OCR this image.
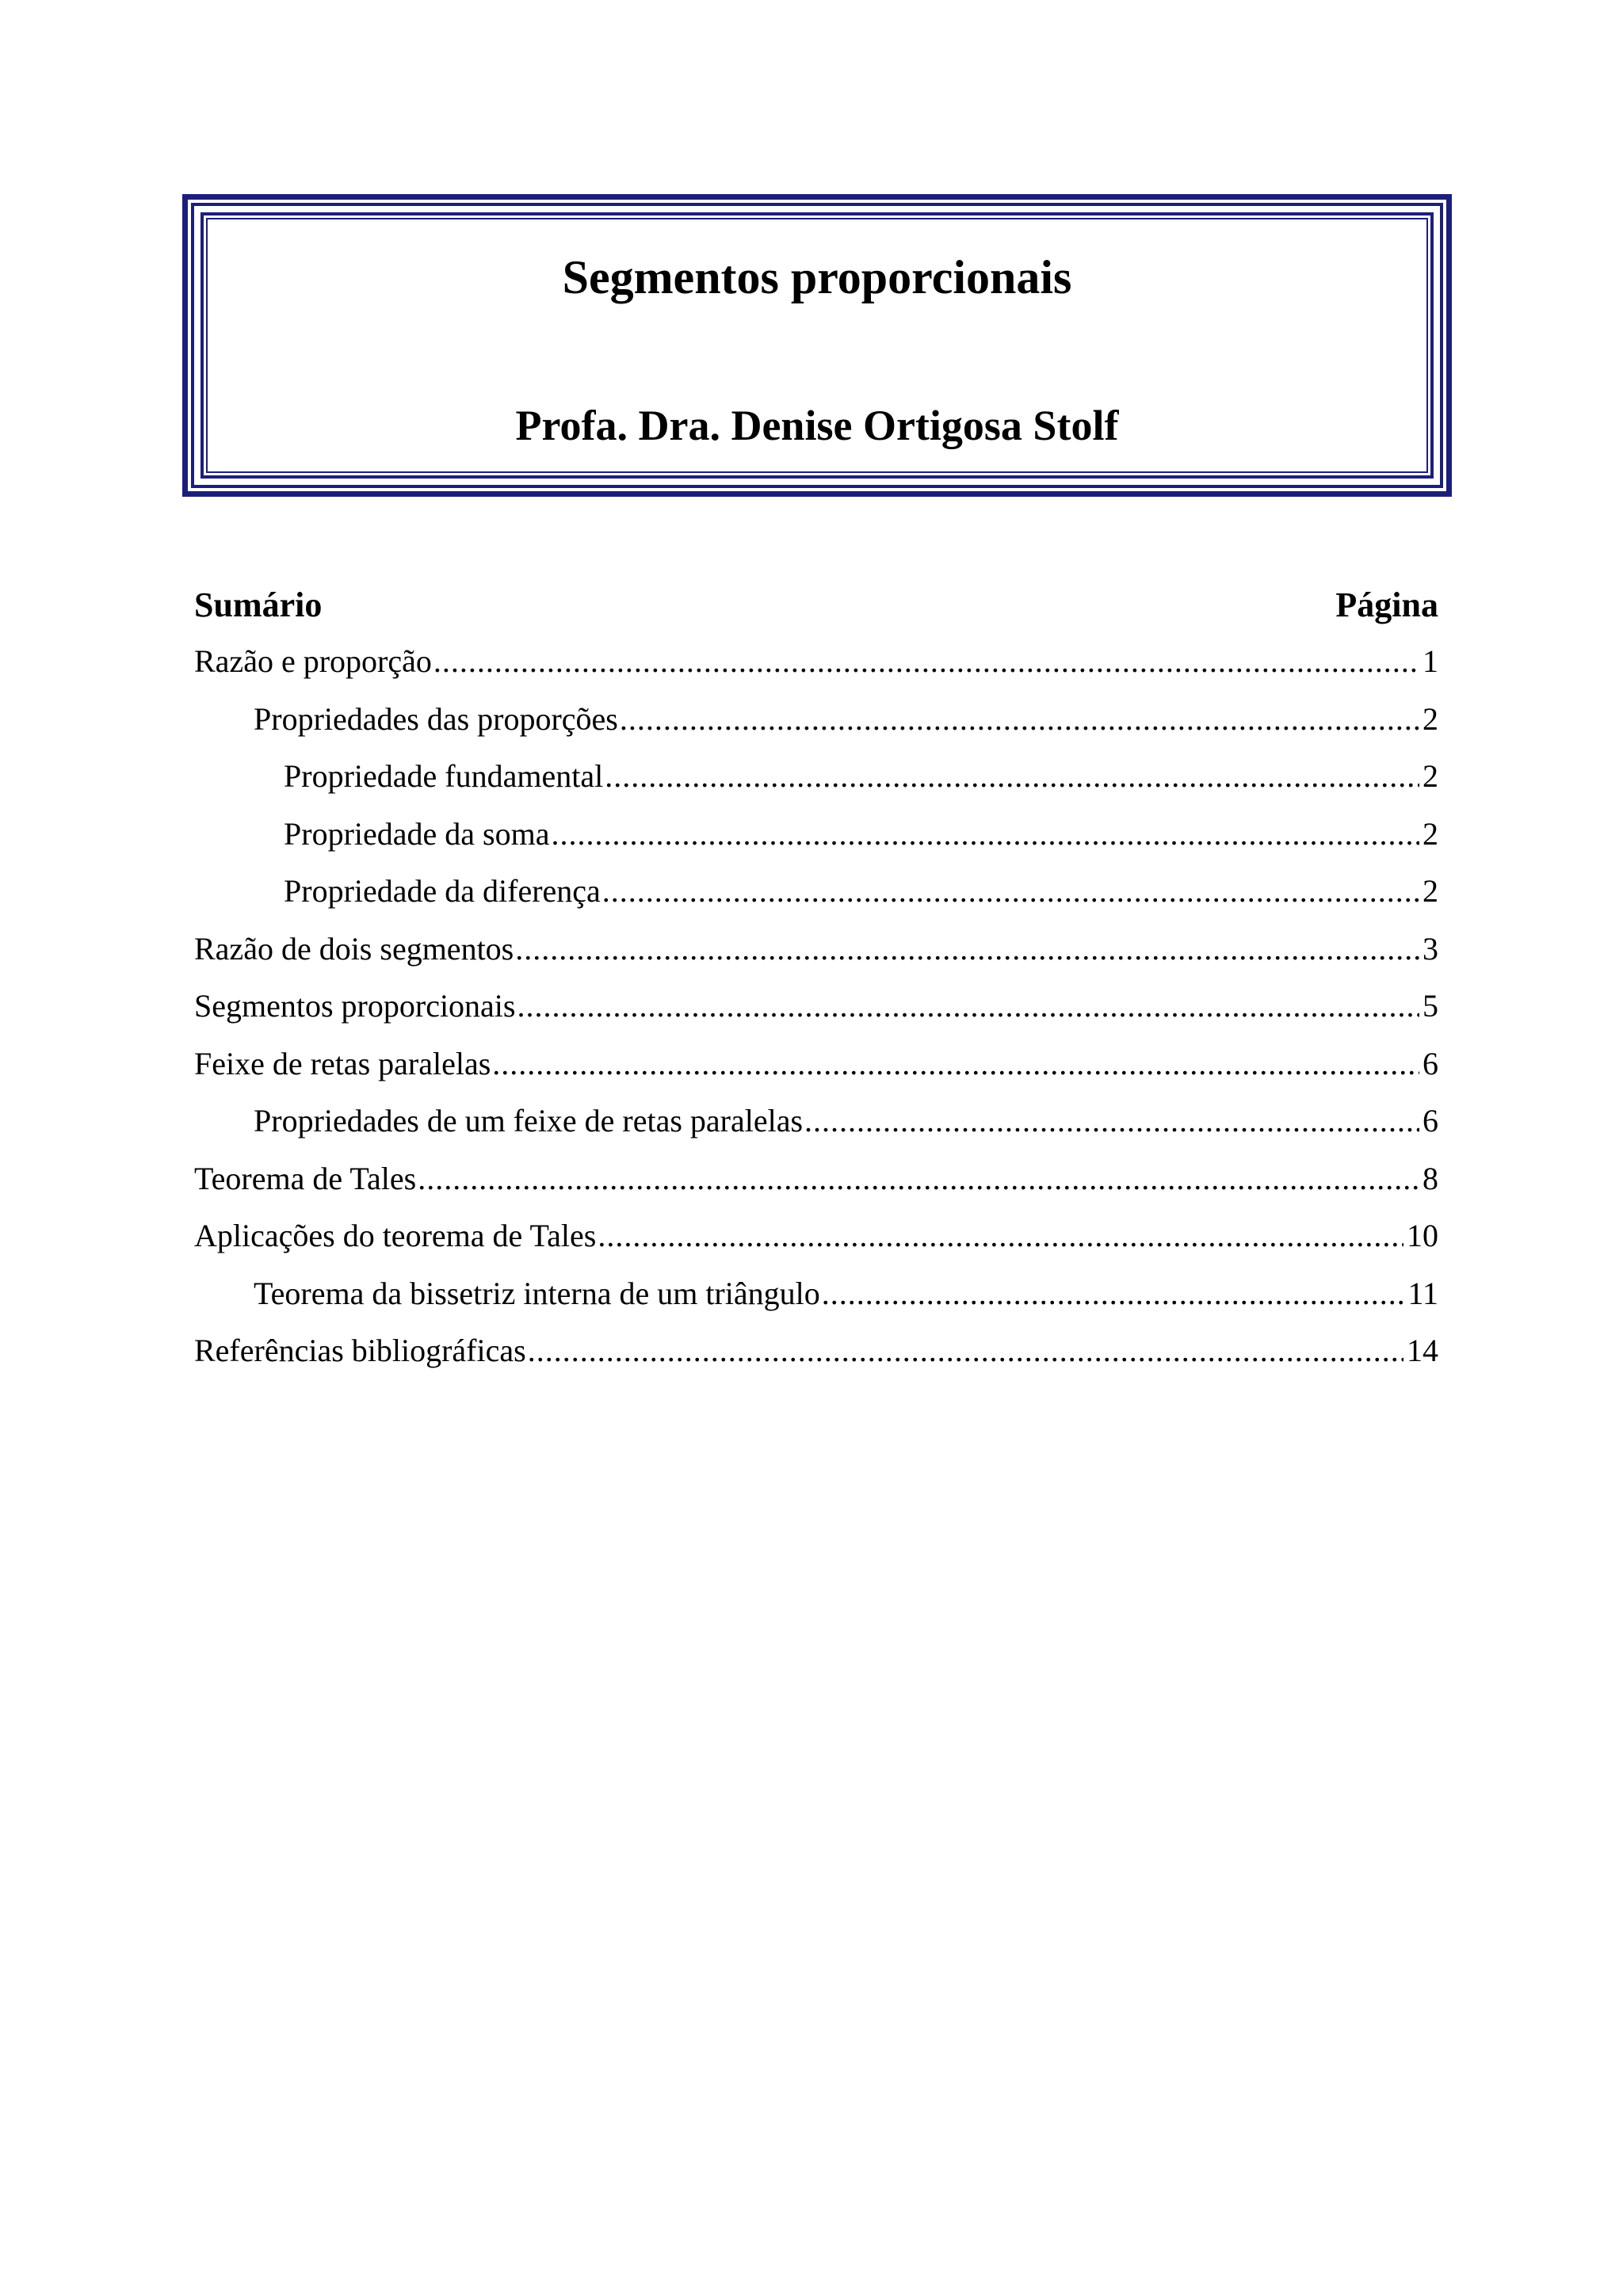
Segmentos proporcionais
Profa. Dra. Denise Ortigosa Stolf
Sumário	Página
Razão e proporção .....	1
Propriedades das proporções .....	2
Propriedade fundamental .....	2
Propriedade da soma .....	2
Propriedade da diferença .....	2
Razão de dois segmentos .....	3
Segmentos proporcionais .....	5
Feixe de retas paralelas .....	6
Propriedades de um feixe de retas paralelas .....	6
Teorema de Tales .....	8
Aplicações do teorema de Tales .....	10
Teorema da bissetriz interna de um triângulo .....	11
Referências bibliográficas .....	14
